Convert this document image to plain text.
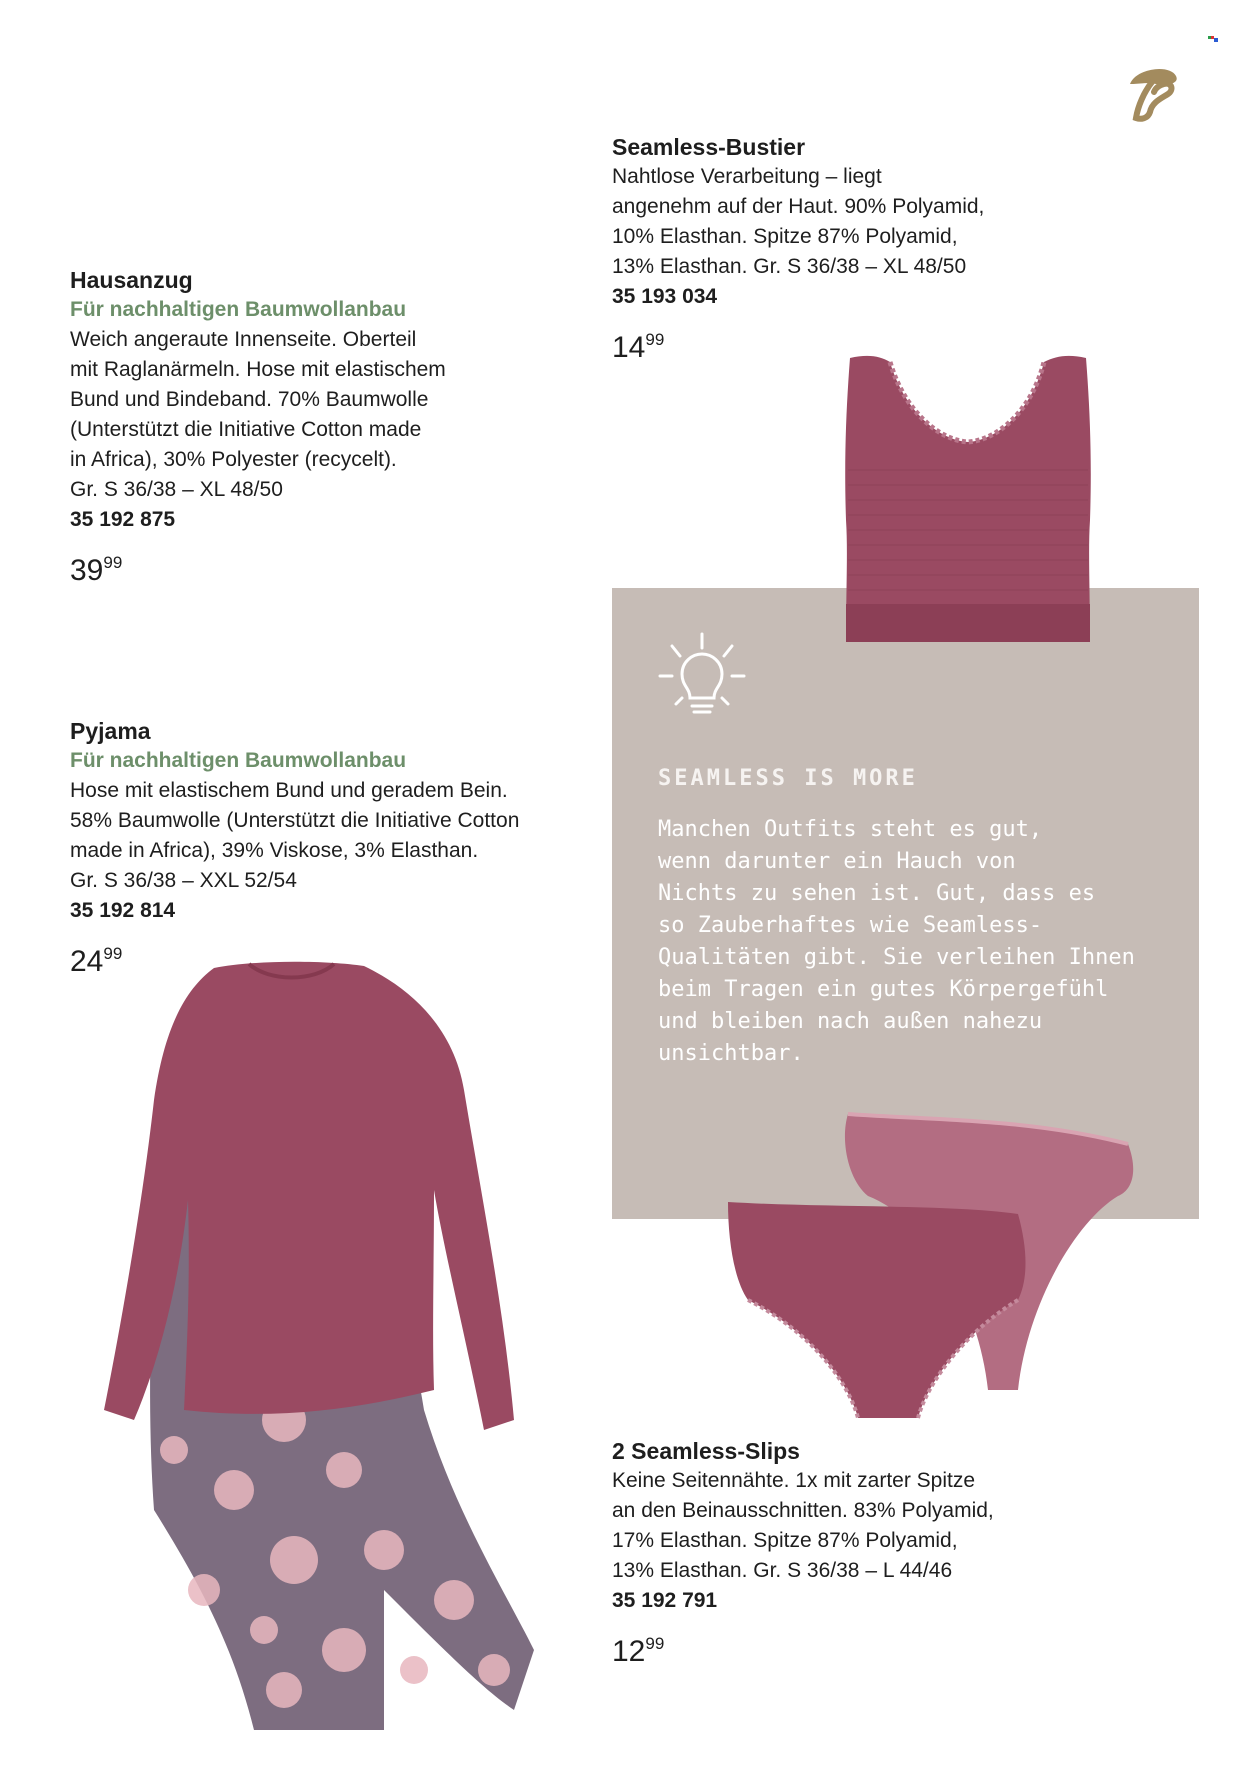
Hausanzug
Für nachhaltigen Baumwollanbau
Weich angeraute Innenseite. Oberteil
mit Raglanärmeln. Hose mit elastischem
Bund und Bindeband. 70% Baumwolle
(Unterstützt die Initiative Cotton made
in Africa), 30% Polyester (recycelt).
Gr. S 36/38 – XL 48/50
35 192 875
$39^{99}$
Pyjama
Für nachhaltigen Baumwollanbau
Hose mit elastischem Bund und geradem Bein.
58% Baumwolle (Unterstützt die Initiative Cotton
made in Africa), 39% Viskose, 3% Elasthan.
Gr. S 36/38 – XXL 52/54
35 192 814
$24^{99}$
Seamless-Bustier
Nahtlose Verarbeitung – liegt
angenehm auf der Haut. 90% Polyamid,
10% Elasthan. Spitze 87% Polyamid,
13% Elasthan. Gr. S 36/38 – XL 48/50
35 193 034
$14^{99}$
SEAMLESS IS MORE
Manchen Outfits steht es gut,
wenn darunter ein Hauch von
Nichts zu sehen ist. Gut, dass es
so Zauberhaftes wie Seamless-
Qualitäten gibt. Sie verleihen Ihnen
beim Tragen ein gutes Körpergefühl
und bleiben nach außen nahezu
unsichtbar.
2 Seamless-Slips
Keine Seitennähte. 1x mit zarter Spitze
an den Beinausschnitten. 83% Polyamid,
17% Elasthan. Spitze 87% Polyamid,
13% Elasthan. Gr. S 36/38 – L 44/46
35 192 791
$12^{99}$
